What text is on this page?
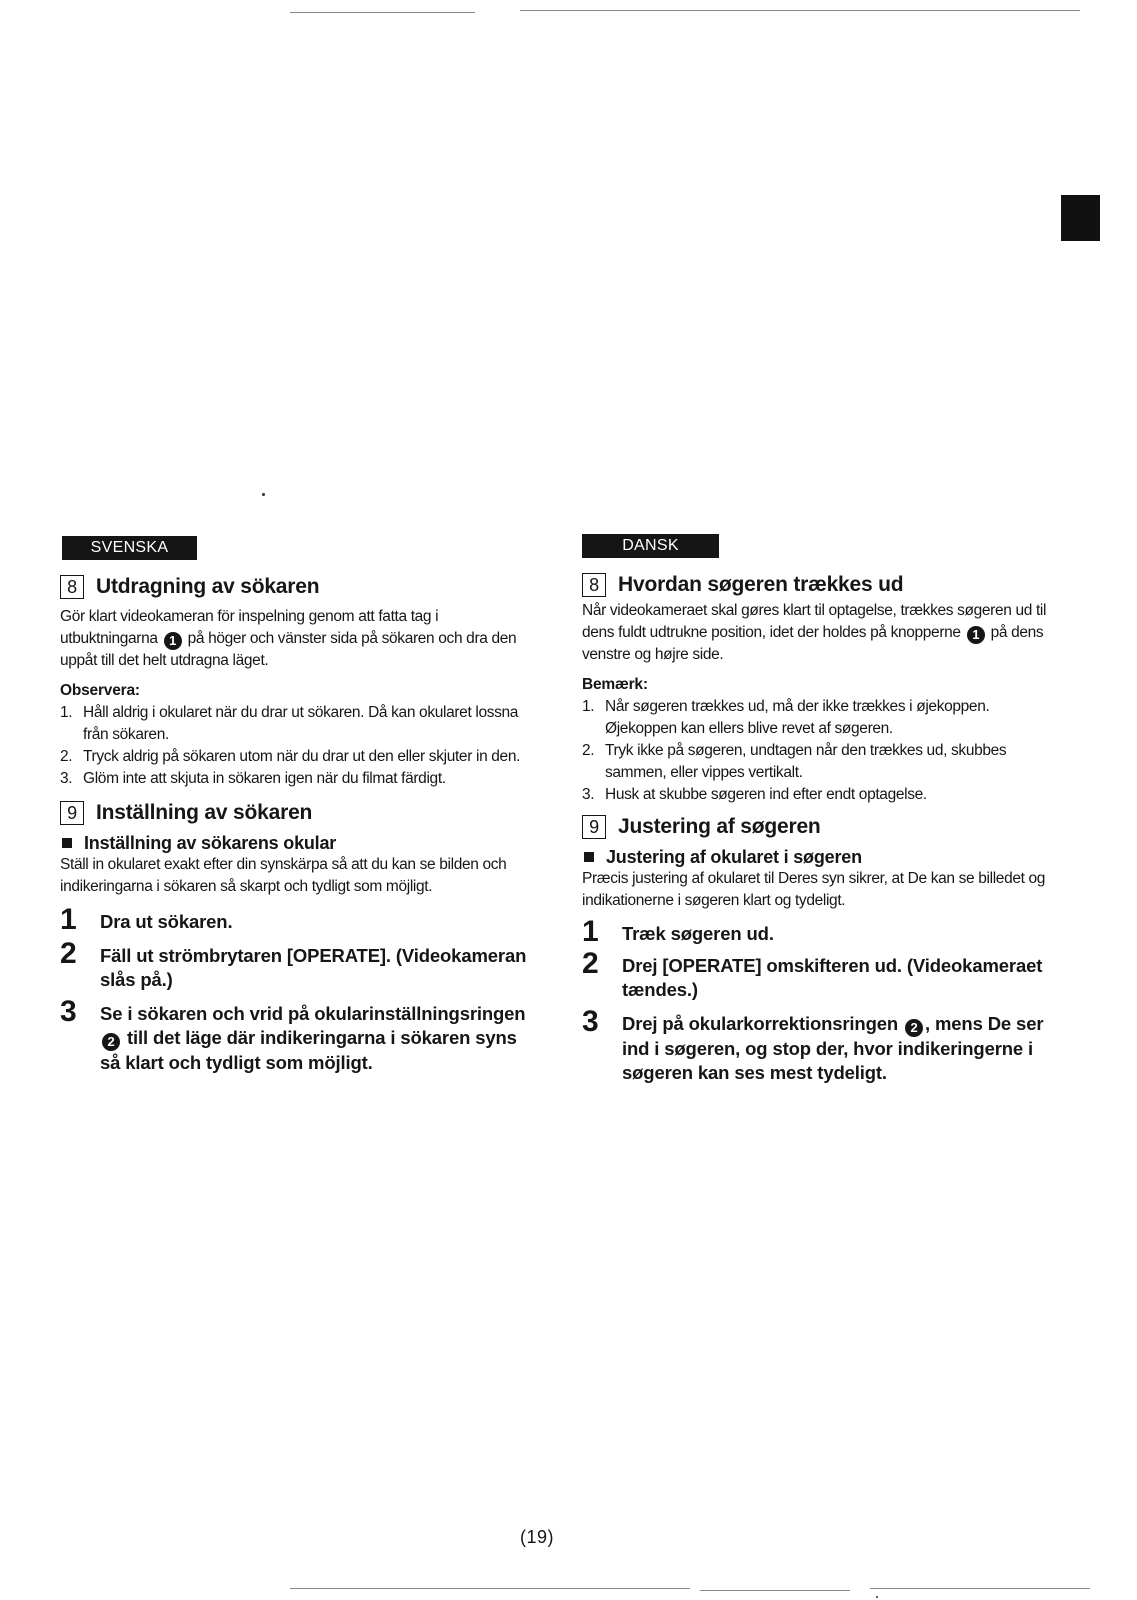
SVENSKA
8 Utdragning av sökaren

Gör klart videokameran för inspelning genom att fatta tag i utbuktningarna 1 på höger och vänster sida på sökaren och dra den uppåt till det helt utdragna läget.

Observera:
1. Håll aldrig i okularet när du drar ut sökaren. Då kan okularet lossna från sökaren.
2. Tryck aldrig på sökaren utom när du drar ut den eller skjuter in den.
3. Glöm inte att skjuta in sökaren igen när du filmat färdigt.
9 Inställning av sökaren
Inställning av sökarens okular

Ställ in okularet exakt efter din synskärpa så att du kan se bilden och indikeringarna i sökaren så skarpt och tydligt som möjligt.

1 Dra ut sökaren.
2 Fäll ut strömbrytaren [OPERATE]. (Videokameran slås på.)
3 Se i sökaren och vrid på okularinställningsringen 2 till det läge där indikeringarna i sökaren syns så klart och tydligt som möjligt.
DANSK
8 Hvordan søgeren trækkes ud

Når videokameraet skal gøres klart til optagelse, trækkes søgeren ud til dens fuldt udtrukne position, idet der holdes på knopperne 1 på dens venstre og højre side.

Bemærk:
1. Når søgeren trækkes ud, må der ikke trækkes i øjekoppen. Øjekoppen kan ellers blive revet af søgeren.
2. Tryk ikke på søgeren, undtagen når den trækkes ud, skubbes sammen, eller vippes vertikalt.
3. Husk at skubbe søgeren ind efter endt optagelse.
9 Justering af søgeren
Justering af okularet i søgeren

Præcis justering af okularet til Deres syn sikrer, at De kan se billedet og indikationerne i søgeren klart og tydeligt.

1 Træk søgeren ud.
2 Drej [OPERATE] omskifteren ud. (Videokameraet tændes.)
3 Drej på okularkorrektionsringen 2 , mens De ser ind i søgeren, og stop der, hvor indikeringerne i søgeren kan ses mest tydeligt.
(19)
